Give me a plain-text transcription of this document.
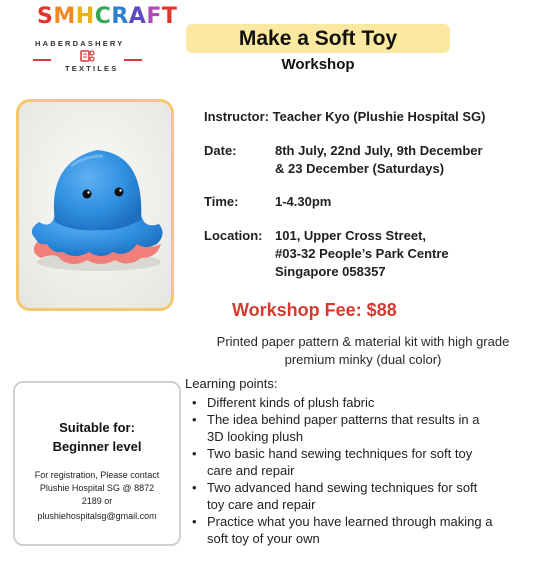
SMHCRAFT
HABERDASHERY
TEXTILES
Make a Soft Toy
Workshop
Instructor: Teacher Kyo (Plushie Hospital SG)
Date:	8th July, 22nd July, 9th December
& 23 December (Saturdays)
Time:	1-4.30pm
Location: 101, Upper Cross Street,
#03-32 People’s Park Centre
Singapore 058357
Workshop Fee: $88
Printed paper pattern & material kit with high grade
premium minky (dual color)
Suitable for:
Beginner level
For registration, Please contact
Plushie Hospital SG @ 8872
2189 or
plushiehospitalsg@gmail.com
Learning points:
• Different kinds of plush fabric
• The idea behind paper patterns that results in a
3D looking plush
• Two basic hand sewing techniques for soft toy
care and repair
• Two advanced hand sewing techniques for soft
toy care and repair
• Practice what you have learned through making a
soft toy of your own
